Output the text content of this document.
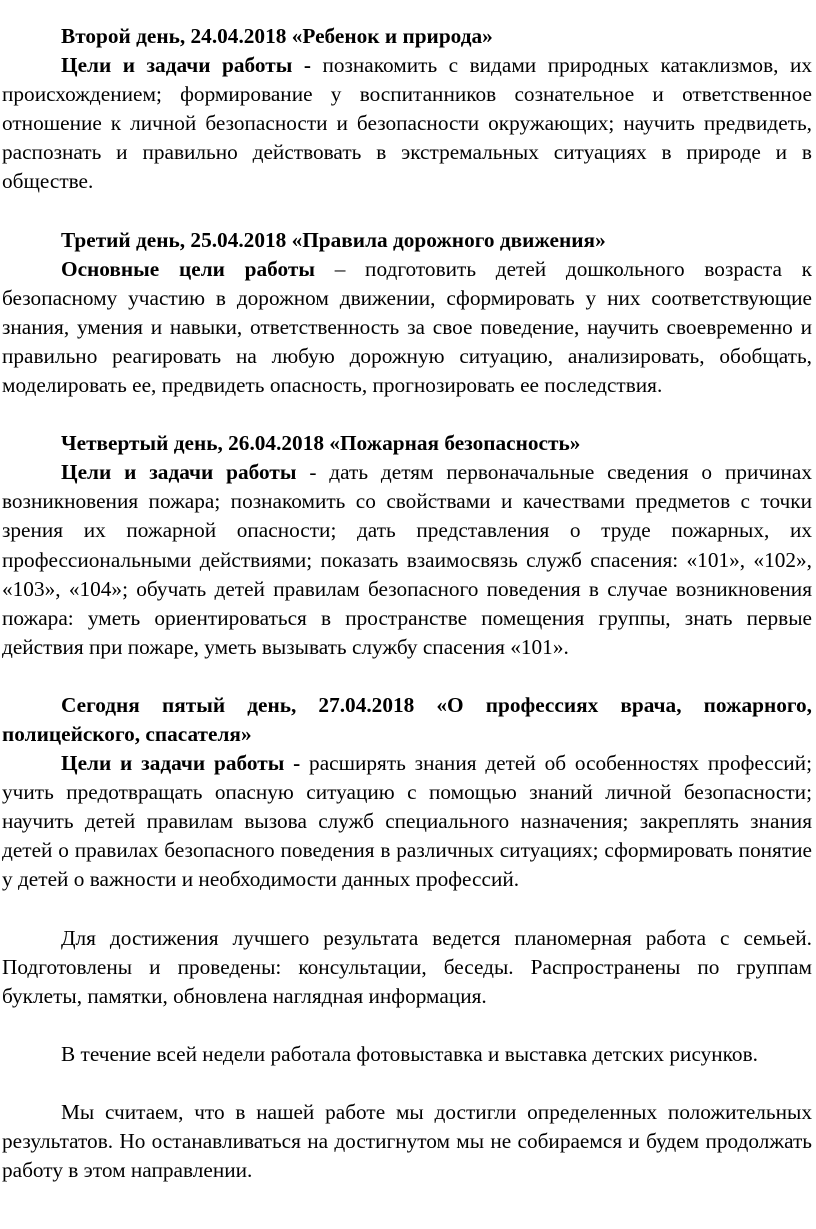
Второй день, 24.04.2018 «Ребенок и природа»

Цели и задачи работы - познакомить с видами природных катаклизмов, их происхождением; формирование у воспитанников сознательное и ответственное отношение к личной безопасности и безопасности окружающих; научить предвидеть, распознать и правильно действовать в экстремальных ситуациях в природе и в обществе.

Третий день, 25.04.2018 «Правила дорожного движения»

Основные цели работы – подготовить детей дошкольного возраста к безопасному участию в дорожном движении, сформировать у них соответствующие знания, умения и навыки, ответственность за свое поведение, научить своевременно и правильно реагировать на любую дорожную ситуацию, анализировать, обобщать, моделировать ее, предвидеть опасность, прогнозировать ее последствия.

Четвертый день, 26.04.2018 «Пожарная безопасность»

Цели и задачи работы - дать детям первоначальные сведения о причинах возникновения пожара; познакомить со свойствами и качествами предметов с точки зрения их пожарной опасности; дать представления о труде пожарных, их профессиональными действиями; показать взаимосвязь служб спасения: «101», «102», «103», «104»; обучать детей правилам безопасного поведения в случае возникновения пожара: уметь ориентироваться в пространстве помещения группы, знать первые действия при пожаре, уметь вызывать службу спасения «101».

Сегодня пятый день, 27.04.2018 «О профессиях врача, пожарного, полицейского, спасателя»

Цели и задачи работы - расширять знания детей об особенностях профессий; учить предотвращать опасную ситуацию с помощью знаний личной безопасности; научить детей правилам вызова служб специального назначения; закреплять знания детей о правилах безопасного поведения в различных ситуациях; сформировать понятие у детей о важности и необходимости данных профессий.

Для достижения лучшего результата ведется планомерная работа с семьей. Подготовлены и проведены: консультации, беседы. Распространены по группам буклеты, памятки, обновлена наглядная информация.

В течение всей недели работала фотовыставка и выставка детских рисунков.

Мы считаем, что в нашей работе мы достигли определенных положительных результатов. Но останавливаться на достигнутом мы не собираемся и будем продолжать работу в этом направлении.
